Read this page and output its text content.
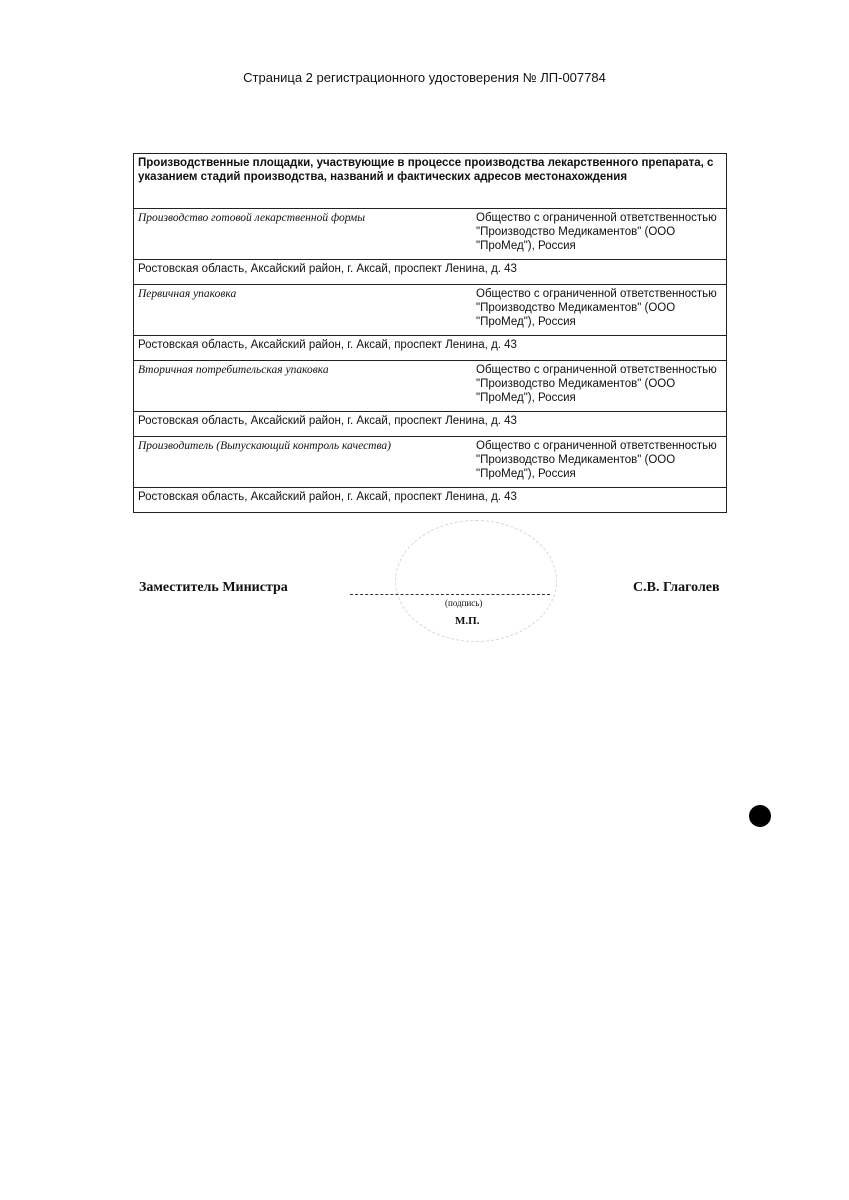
Страница 2 регистрационного удостоверения № ЛП-007784
Производственные площадки, участвующие в процессе производства лекарственного препарата, с указанием стадий производства, названий и фактических адресов местонахождения	
Производство готовой лекарственной формы	Общество с ограниченной ответственностью "Производство Медикаментов" (ООО "ПроМед"), Россия
Ростовская область, Аксайский район, г. Аксай, проспект Ленина, д. 43	
Первичная упаковка	Общество с ограниченной ответственностью "Производство Медикаментов" (ООО "ПроМед"), Россия
Ростовская область, Аксайский район, г. Аксай, проспект Ленина, д. 43	
Вторичная потребительская упаковка	Общество с ограниченной ответственностью "Производство Медикаментов" (ООО "ПроМед"), Россия
Ростовская область, Аксайский район, г. Аксай, проспект Ленина, д. 43	
Производитель (Выпускающий контроль качества)	Общество с ограниченной ответственностью "Производство Медикаментов" (ООО "ПроМед"), Россия
Ростовская область, Аксайский район, г. Аксай, проспект Ленина, д. 43	
Заместитель Министра
(подпись)
М.П.
С.В. Глаголев
